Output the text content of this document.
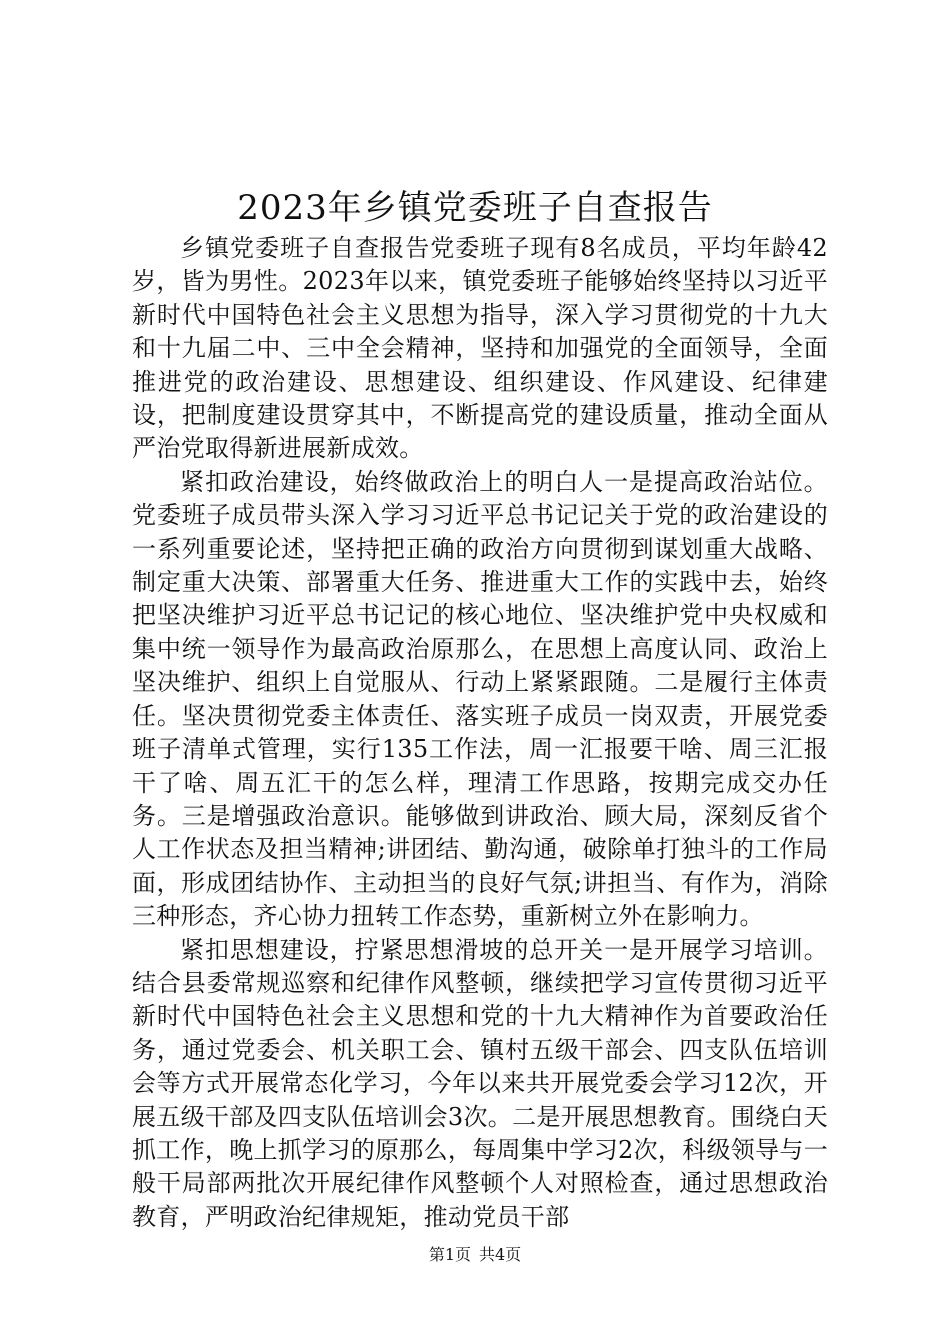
2023年乡镇党委班子自查报告

乡镇党委班子自查报告党委班子现有8名成员，平均年龄42岁，皆为男性。2023年以来，镇党委班子能够始终坚持以习近平新时代中国特色社会主义思想为指导，深入学习贯彻党的十九大和十九届二中、三中全会精神，坚持和加强党的全面领导，全面推进党的政治建设、思想建设、组织建设、作风建设、纪律建设，把制度建设贯穿其中，不断提高党的建设质量，推动全面从严治党取得新进展新成效。

紧扣政治建设，始终做政治上的明白人一是提高政治站位。党委班子成员带头深入学习习近平总书记记关于党的政治建设的一系列重要论述，坚持把正确的政治方向贯彻到谋划重大战略、制定重大决策、部署重大任务、推进重大工作的实践中去，始终把坚决维护习近平总书记记的核心地位、坚决维护党中央权威和集中统一领导作为最高政治原那么，在思想上高度认同、政治上坚决维护、组织上自觉服从、行动上紧紧跟随。二是履行主体责任。坚决贯彻党委主体责任、落实班子成员一岗双责，开展党委班子清单式管理，实行135工作法，周一汇报要干啥、周三汇报干了啥、周五汇干的怎么样，理清工作思路，按期完成交办任务。三是增强政治意识。能够做到讲政治、顾大局，深刻反省个人工作状态及担当精神;讲团结、勤沟通，破除单打独斗的工作局面，形成团结协作、主动担当的良好气氛;讲担当、有作为，消除三种形态，齐心协力扭转工作态势，重新树立外在影响力。

紧扣思想建设，拧紧思想滑坡的总开关一是开展学习培训。结合县委常规巡察和纪律作风整顿，继续把学习宣传贯彻习近平新时代中国特色社会主义思想和党的十九大精神作为首要政治任务，通过党委会、机关职工会、镇村五级干部会、四支队伍培训会等方式开展常态化学习，今年以来共开展党委会学习12次，开展五级干部及四支队伍培训会3次。二是开展思想教育。围绕白天抓工作，晚上抓学习的原那么，每周集中学习2次，科级领导与一般干局部两批次开展纪律作风整顿个人对照检查，通过思想政治教育，严明政治纪律规矩，推动党员干部

第1页 共4页
